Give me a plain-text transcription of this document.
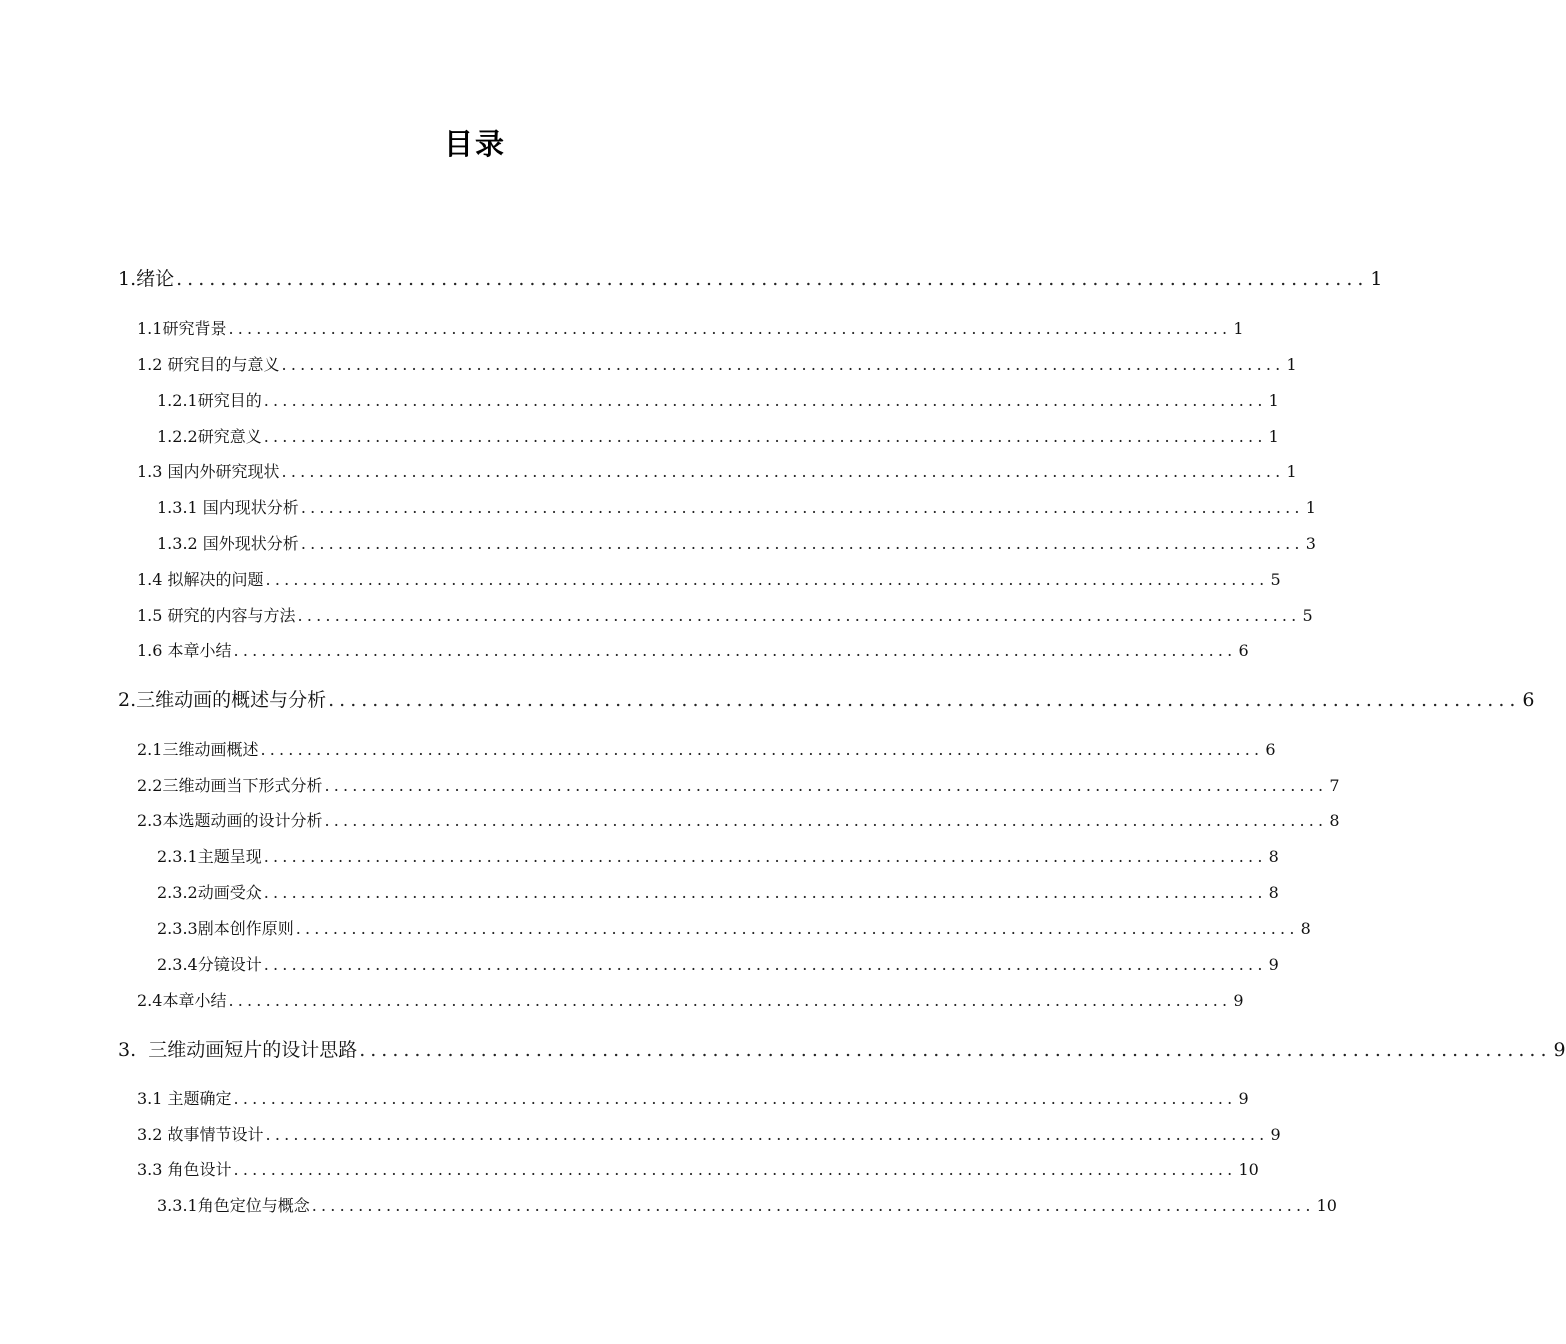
目录
1.绪论 ............................................................................................................ 1
1.1研究背景 ............................................................................................................ 1
1.2 研究目的与意义 ............................................................................................................ 1
1.2.1研究目的 ............................................................................................................ 1
1.2.2研究意义 ............................................................................................................ 1
1.3 国内外研究现状 ............................................................................................................ 1
1.3.1 国内现状分析 ............................................................................................................ 1
1.3.2 国外现状分析 ............................................................................................................ 3
1.4 拟解决的问题 ............................................................................................................ 5
1.5 研究的内容与方法 ............................................................................................................ 5
1.6 本章小结 ............................................................................................................ 6
2.三维动画的概述与分析 ............................................................................................................ 6
2.1三维动画概述 ............................................................................................................ 6
2.2三维动画当下形式分析 ............................................................................................................ 7
2.3本选题动画的设计分析 ............................................................................................................ 8
2.3.1主题呈现 ............................................................................................................ 8
2.3.2动画受众 ............................................................................................................ 8
2.3.3剧本创作原则 ............................................................................................................ 8
2.3.4分镜设计 ............................................................................................................ 9
2.4本章小结 ............................................................................................................ 9
3.  三维动画短片的设计思路 ............................................................................................................ 9
3.1 主题确定 ............................................................................................................ 9
3.2 故事情节设计 ............................................................................................................ 9
3.3 角色设计 ............................................................................................................ 10
3.3.1角色定位与概念 ............................................................................................................ 10
